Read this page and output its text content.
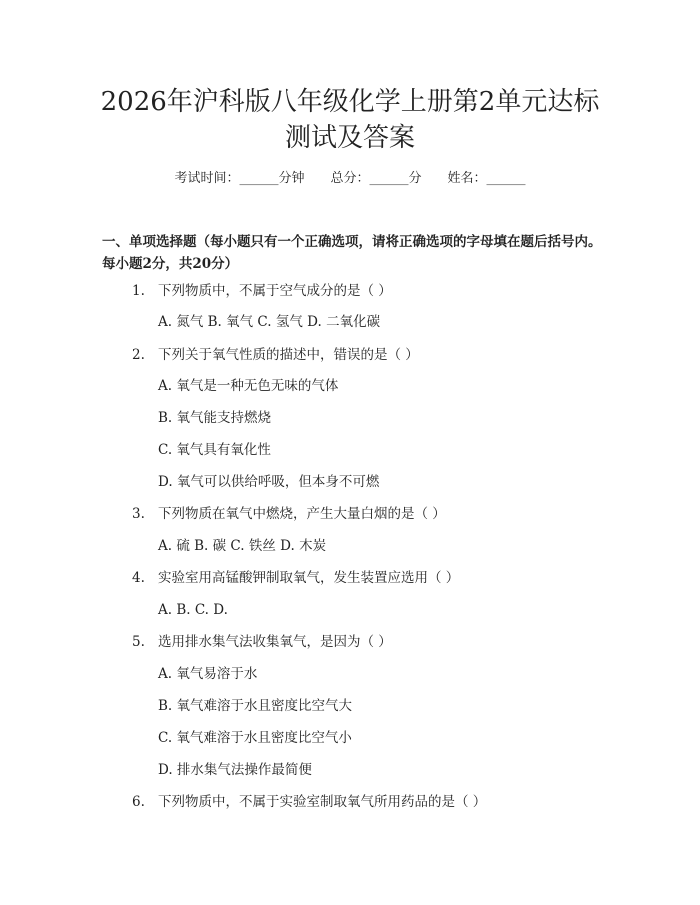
2026年沪科版八年级化学上册第2单元达标
测试及答案
考试时间：______分钟 总分：______分 姓名：______
一、单项选择题（每小题只有一个正确选项，请将正确选项的字母填在题后括号内。每小题2分，共20分）
1. 下列物质中，不属于空气成分的是（ ）
A. 氮气 B. 氧气 C. 氢气 D. 二氧化碳
2. 下列关于氧气性质的描述中，错误的是（ ）
A. 氧气是一种无色无味的气体
B. 氧气能支持燃烧
C. 氧气具有氧化性
D. 氧气可以供给呼吸，但本身不可燃
3. 下列物质在氧气中燃烧，产生大量白烟的是（ ）
A. 硫 B. 碳 C. 铁丝 D. 木炭
4. 实验室用高锰酸钾制取氧气，发生装置应选用（ ）
A. B. C. D.
5. 选用排水集气法收集氧气，是因为（ ）
A. 氧气易溶于水
B. 氧气难溶于水且密度比空气大
C. 氧气难溶于水且密度比空气小
D. 排水集气法操作最简便
6. 下列物质中，不属于实验室制取氧气所用药品的是（ ）
